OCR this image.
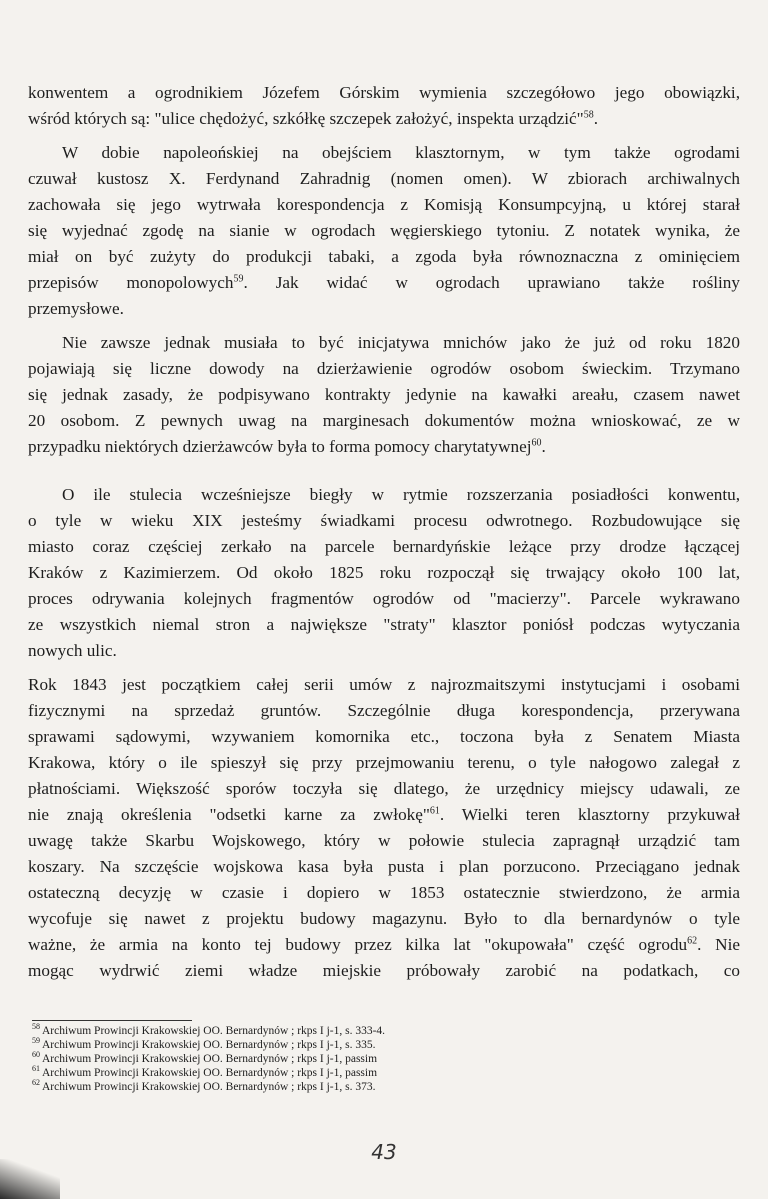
konwentem a ogrodnikiem Józefem Górskim wymienia szczegółowo jego obowiązki,
wśród których są: "ulice chędożyć, szkółkę szczepek założyć, inspekta urządzić"$^{58}$.

W dobie napoleońskiej na obejściem klasztornym, w tym także ogrodami
czuwał kustosz X. Ferdynand Zahradnig (nomen omen). W zbiorach archiwalnych
zachowała się jego wytrwała korespondencja z Komisją Konsumpcyjną, u której starał
się wyjednać zgodę na sianie w ogrodach węgierskiego tytoniu. Z notatek wynika, że
miał on być zużyty do produkcji tabaki, a zgoda była równoznaczna z ominięciem
przepisów monopolowych$^{59}$. Jak widać w ogrodach uprawiano także rośliny
przemysłowe.

Nie zawsze jednak musiała to być inicjatywa mnichów jako że już od roku 1820
pojawiają się liczne dowody na dzierżawienie ogrodów osobom świeckim. Trzymano
się jednak zasady, że podpisywano kontrakty jedynie na kawałki areału, czasem nawet
20 osobom. Z pewnych uwag na marginesach dokumentów można wnioskować, ze w
przypadku niektórych dzierżawców była to forma pomocy charytatywnej$^{60}$.

O ile stulecia wcześniejsze biegły w rytmie rozszerzania posiadłości konwentu,
o tyle w wieku XIX jesteśmy świadkami procesu odwrotnego. Rozbudowujące się
miasto coraz częściej zerkało na parcele bernardyńskie leżące przy drodze łączącej
Kraków z Kazimierzem. Od około 1825 roku rozpoczął się trwający około 100 lat,
proces odrywania kolejnych fragmentów ogrodów od "macierzy". Parcele wykrawano
ze wszystkich niemal stron a największe "straty" klasztor poniósł podczas wytyczania
nowych ulic.

Rok 1843 jest początkiem całej serii umów z najrozmaitszymi instytucjami i osobami
fizycznymi na sprzedaż gruntów. Szczególnie długa korespondencja, przerywana
sprawami sądowymi, wzywaniem komornika etc., toczona była z Senatem Miasta
Krakowa, który o ile spieszył się przy przejmowaniu terenu, o tyle nałogowo zalegał z
płatnościami. Większość sporów toczyła się dlatego, że urzędnicy miejscy udawali, ze
nie znają określenia "odsetki karne za zwłokę"$^{61}$. Wielki teren klasztorny przykuwał
uwagę także Skarbu Wojskowego, który w połowie stulecia zapragnął urządzić tam
koszary. Na szczęście wojskowa kasa była pusta i plan porzucono. Przeciągano jednak
ostateczną decyzję w czasie i dopiero w 1853 ostatecznie stwierdzono, że armia
wycofuje się nawet z projektu budowy magazynu. Było to dla bernardynów o tyle
ważne, że armia na konto tej budowy przez kilka lat "okupowała" część ogrodu$^{62}$. Nie
mogąc wydrwić ziemi władze miejskie próbowały zarobić na podatkach, co

$^{58}$ Archiwum Prowincji Krakowskiej OO. Bernardynów ; rkps I j-1, s. 333-4.
$^{59}$ Archiwum Prowincji Krakowskiej OO. Bernardynów ; rkps I j-1, s. 335.
$^{60}$ Archiwum Prowincji Krakowskiej OO. Bernardynów ; rkps I j-1, passim
$^{61}$ Archiwum Prowincji Krakowskiej OO. Bernardynów ; rkps I j-1, passim
$^{62}$ Archiwum Prowincji Krakowskiej OO. Bernardynów ; rkps I j-1, s. 373.
43
